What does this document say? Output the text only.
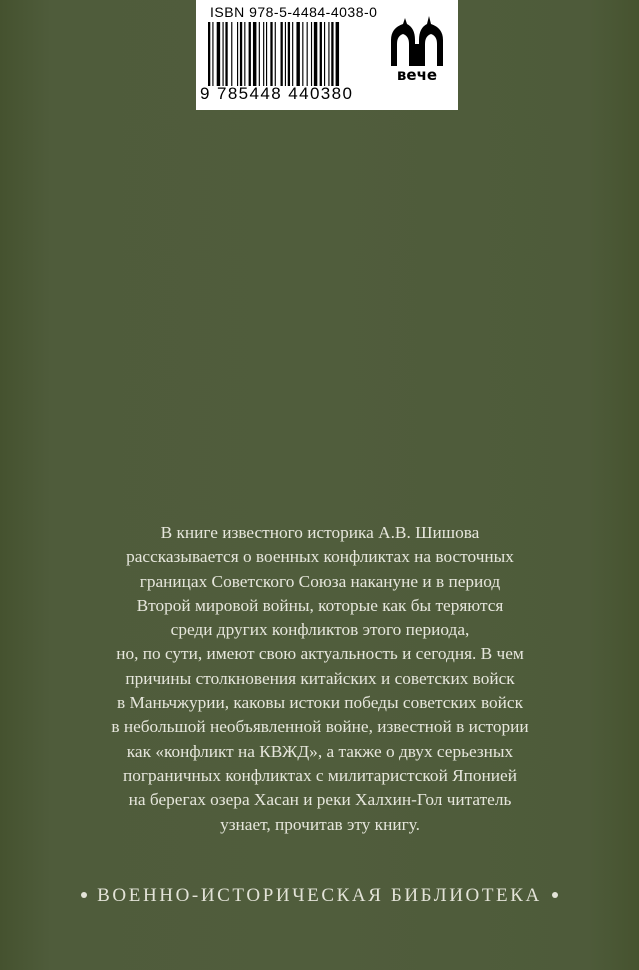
ISBN 978-5-4484-4038-0
9 785448 440380
вече
В книге известного историка А.В. Шишова
рассказывается о военных конфликтах на восточных
границах Советского Союза накануне и в период
Второй мировой войны, которые как бы теряются
среди других конфликтов этого периода,
но, по сути, имеют свою актуальность и сегодня. В чем
причины столкновения китайских и советских войск
в Маньчжурии, каковы истоки победы советских войск
в небольшой необъявленной войне, известной в истории
как «конфликт на КВЖД», а также о двух серьезных
пограничных конфликтах с милитаристской Японией
на берегах озера Хасан и реки Халхин-Гол читатель
узнает, прочитав эту книгу.
ВОЕННО-ИСТОРИЧЕСКАЯ БИБЛИОТЕКА
